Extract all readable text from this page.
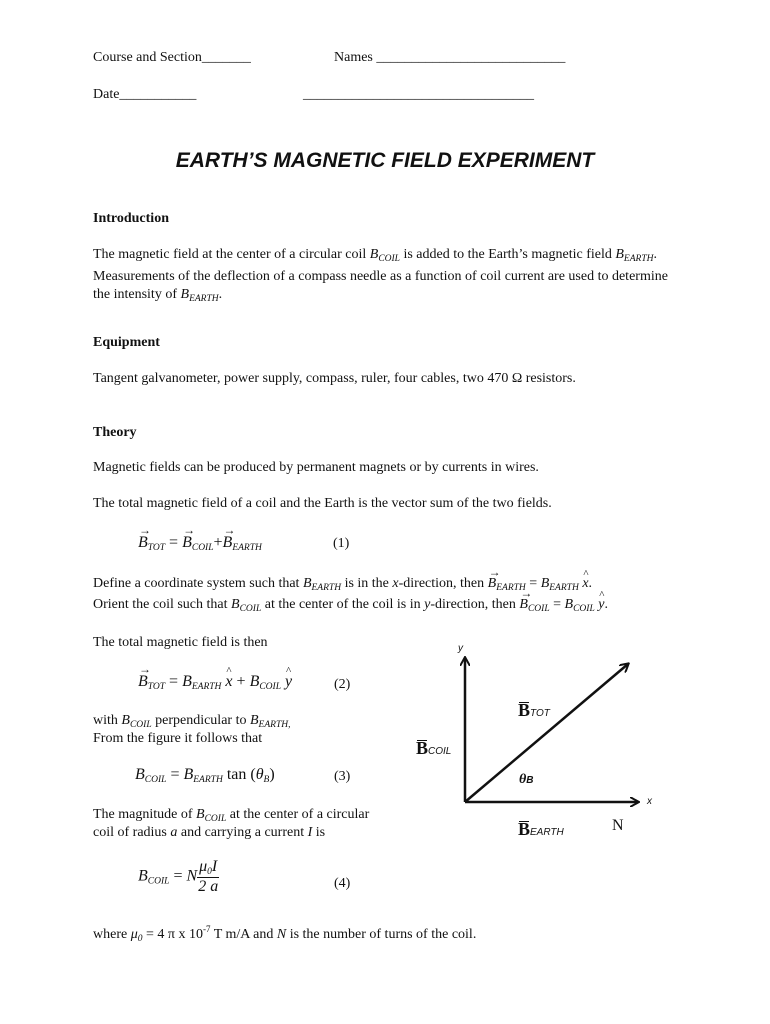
Course and Section_______	Names ___________________________
Date___________	_________________________________
EARTH’S MAGNETIC FIELD EXPERIMENT
Introduction
The magnetic field at the center of a circular coil $B_{COIL}$ is added to the Earth’s magnetic field $B_{EARTH}$. Measurements of the deflection of a compass needle as a function of coil current are used to determine the intensity of $B_{EARTH}$.
Equipment
Tangent galvanometer, power supply, compass, ruler, four cables, two 470 Ω resistors.
Theory
Magnetic fields can be produced by permanent magnets or by currents in wires.
The total magnetic field of a coil and the Earth is the vector sum of the two fields.
→ $B_{TOT}$ = → $B_{COIL}+\to B_{EARTH}$	(1)
Define a coordinate system such that $B_{EARTH}$ is in the x-direction, then → $B_{EARTH} = B_{EARTH}$ ^ x.
Orient the coil such that $B_{COIL}$ at the center of the coil is in y-direction, then → $B_{COIL} = B_{COIL}$ ^ y.
The total magnetic field is then
→ $B_{TOT} = B_{EARTH}$ ^ $x + B_{COIL}$ ^ y	(2)
with $B_{COIL}$ perpendicular to $B_{EARTH,}$
From the figure it follows that
$B_{COIL} = B_{EARTH}$ $\tan (\theta_B)$	(3)
The magnitude of $B_{COIL}$ at the center of a circular
coil of radius a and carrying a current I is
$B_{COIL} = N \frac{\mu_0I}{2 a}$	(4)
where $\mu_0 = 4$ π x $10^{-7}$ T m/A and N is the number of turns of the coil.
y
x
BTOT
BCOIL
θB
BEARTH	N
